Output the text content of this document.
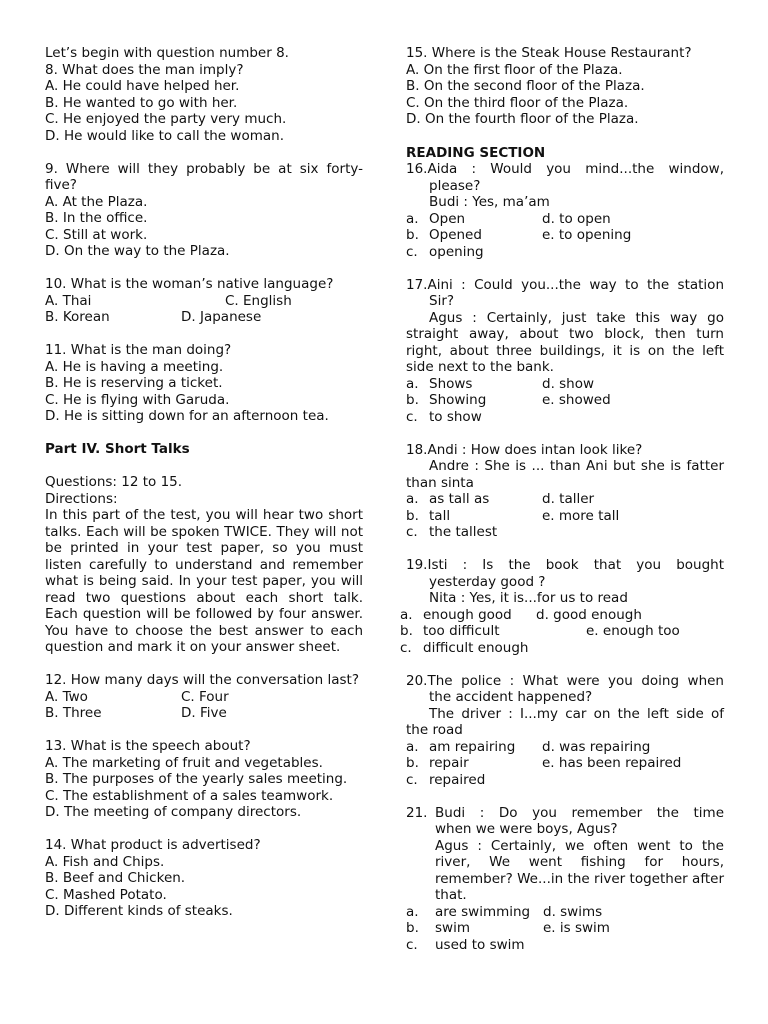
Let’s begin with question number 8.
8. What does the man imply?
A. He could have helped her.
B. He wanted to go with her.
C. He enjoyed the party very much.
D. He would like to call the woman.
9. Where will they probably be at six forty-
five?
A. At the Plaza.
B. In the office.
C. Still at work.
D. On the way to the Plaza.
10. What is the woman’s native language?
A. Thai	C. English
B. Korean	D. Japanese
11. What is the man doing?
A. He is having a meeting.
B. He is reserving a ticket.
C. He is flying with Garuda.
D. He is sitting down for an afternoon tea.
Part IV. Short Talks
Questions: 12 to 15.
Directions:
In this part of the test, you will hear two short talks. Each will be spoken TWICE. They will not be printed in your test paper, so you must listen carefully to understand and remember what is being said. In your test paper, you will read two questions about each short talk. Each question will be followed by four answer. You have to choose the best answer to each question and mark it on your answer sheet.
12. How many days will the conversation last?
A. Two	C. Four
B. Three	D. Five
13. What is the speech about?
A. The marketing of fruit and vegetables.
B. The purposes of the yearly sales meeting.
C. The establishment of a sales teamwork.
D. The meeting of company directors.
14. What product is advertised?
A. Fish and Chips.
B. Beef and Chicken.
C. Mashed Potato.
D. Different kinds of steaks.
15. Where is the Steak House Restaurant?
A. On the first floor of the Plaza.
B. On the second floor of the Plaza.
C. On the third floor of the Plaza.
D. On the fourth floor of the Plaza.
READING SECTION
16.Aida : Would you mind...the window,
please?
Budi : Yes, ma’am
a. Open	d. to open
b. Opened	e. to opening
c. opening
17.Aini : Could you...the way to the station
Sir?
Agus : Certainly, just take this way go straight away, about two block, then turn right, about three buildings, it is on the left side next to the bank.
a. Shows	d. show
b. Showing	e. showed
c. to show
18.Andi : How does intan look like?
Andre : She is ... than Ani but she is fatter than sinta
a. as tall as	d. taller
b. tall	e. more tall
c. the tallest
19.Isti : Is the book that you bought
yesterday good ?
Nita : Yes, it is...for us to read
a. enough good	d. good enough
b. too difficult	e. enough too
c. difficult enough
20.The police : What were you doing when
the accident happened?
The driver : I...my car on the left side of the road
a. am repairing	d. was repairing
b. repair	e. has been repaired
c. repaired
21. Budi : Do you remember the time
when we were boys, Agus?
Agus : Certainly, we often went to the river, We went fishing for hours, remember? We...in the river together after that.
a.	are swimming d. swims
b.	swim	e. is swim
c.	used to swim
